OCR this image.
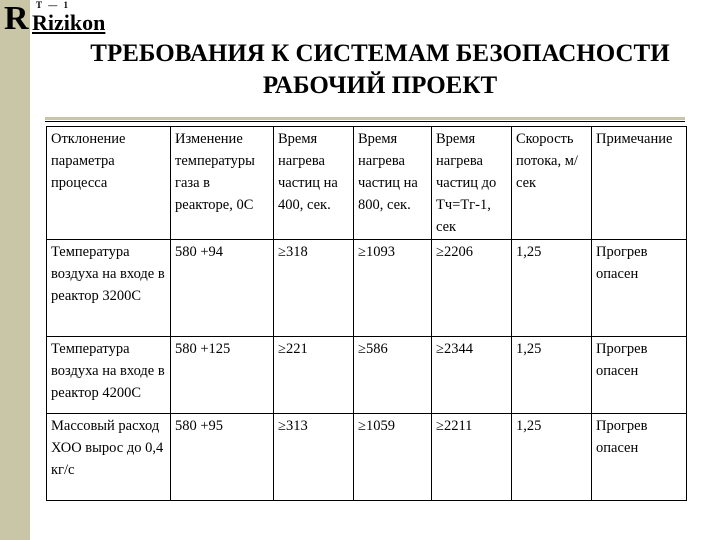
R Т — 1
Rizikon
ТРЕБОВАНИЯ К СИСТЕМАМ БЕЗОПАСНОСТИ
РАБОЧИЙ ПРОЕКТ
Отклонение параметра процесса	Изменение температуры газа в реакторе, 0С	Время нагрева частиц на 400, сек.	Время нагрева частиц на 800, сек.	Время нагрева частиц до Тч=Тг-1, сек	Скорость потока, м/сек	Примечание
Температура воздуха на входе в реактор 3200С	580 +94	≥318	≥1093	≥2206	1,25	Прогрев опасен
Температура воздуха на входе в реактор 4200С	580 +125	≥221	≥586	≥2344	1,25	Прогрев опасен
Массовый расход ХОО вырос до 0,4 кг/с	580 +95	≥313	≥1059	≥2211	1,25	Прогрев опасен
